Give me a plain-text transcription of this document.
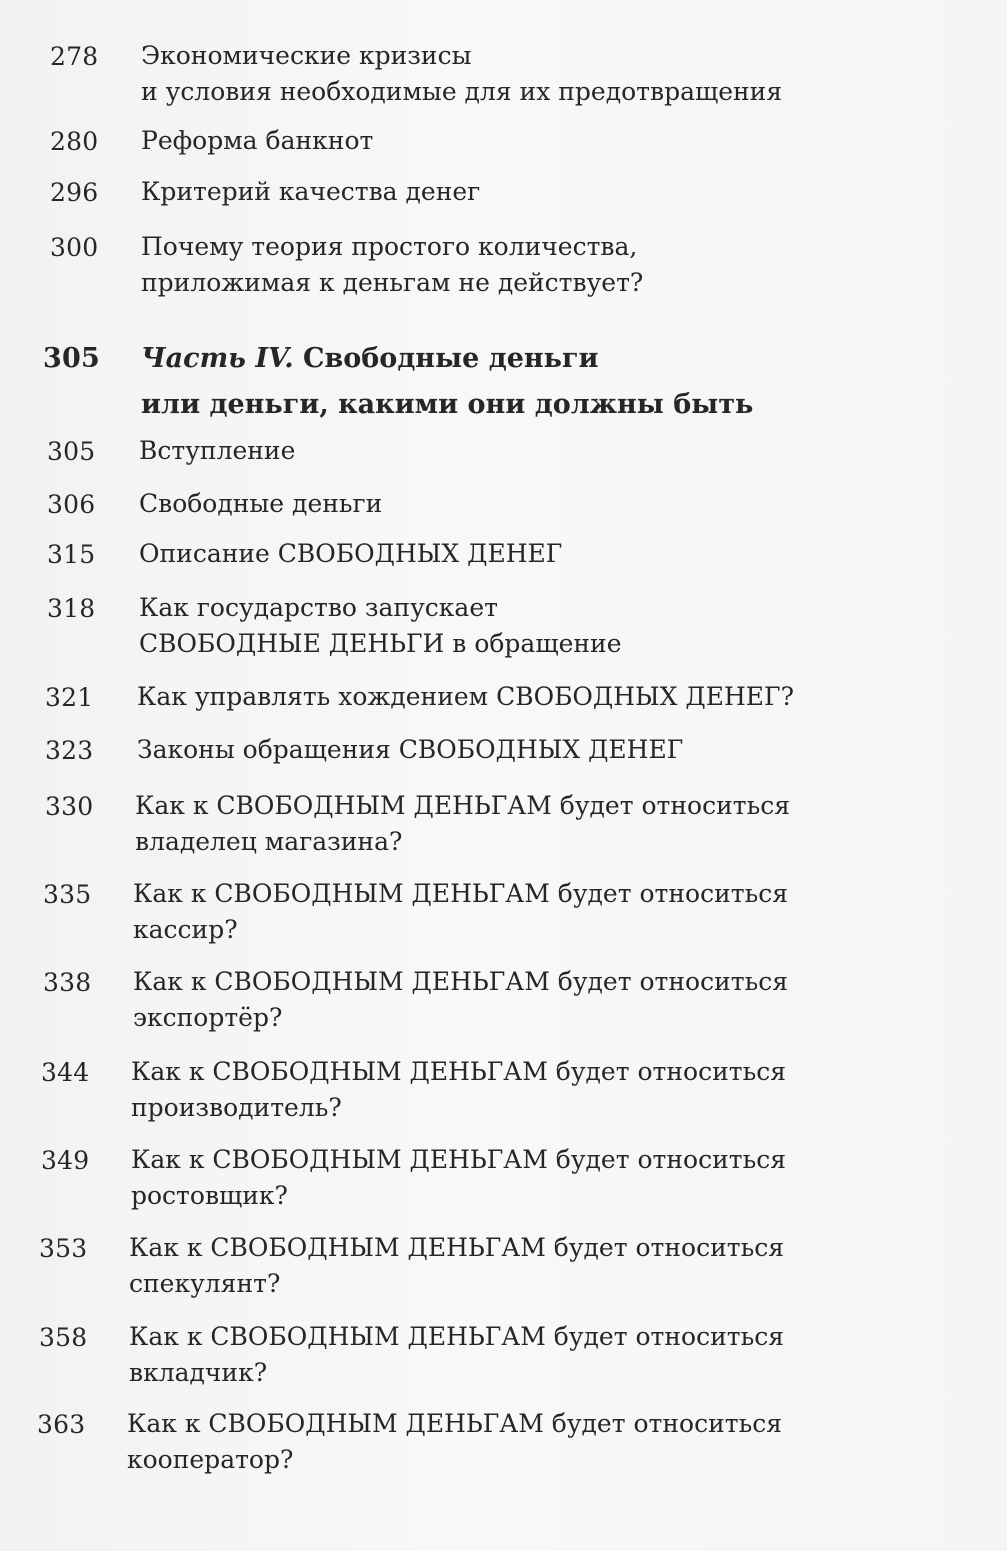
278 Экономические кризисы
и условия необходимые для их предотвращения
280 Реформа банкнот
296 Критерий качества денег
300 Почему теория простого количества,
приложимая к деньгам не действует?
305 Часть IV. Свободные деньги
или деньги, какими они должны быть
305 Вступление
306 Свободные деньги
315 Описание СВОБОДНЫХ ДЕНЕГ
318 Как государство запускает
СВОБОДНЫЕ ДЕНЬГИ в обращение
321 Как управлять хождением СВОБОДНЫХ ДЕНЕГ?
323 Законы обращения СВОБОДНЫХ ДЕНЕГ
330 Как к СВОБОДНЫМ ДЕНЬГАМ будет относиться
владелец магазина?
335 Как к СВОБОДНЫМ ДЕНЬГАМ будет относиться
кассир?
338 Как к СВОБОДНЫМ ДЕНЬГАМ будет относиться
экспортёр?
344 Как к СВОБОДНЫМ ДЕНЬГАМ будет относиться
производитель?
349 Как к СВОБОДНЫМ ДЕНЬГАМ будет относиться
ростовщик?
353 Как к СВОБОДНЫМ ДЕНЬГАМ будет относиться
спекулянт?
358 Как к СВОБОДНЫМ ДЕНЬГАМ будет относиться
вкладчик?
363 Как к СВОБОДНЫМ ДЕНЬГАМ будет относиться
кооператор?
